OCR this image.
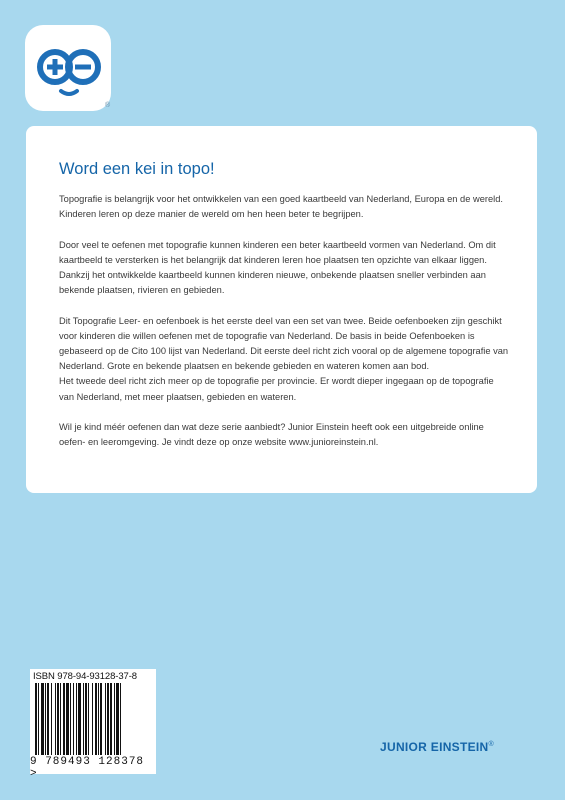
®
Word een kei in topo!

Topografie is belangrijk voor het ontwikkelen van een goed kaartbeeld van Nederland, Europa en de wereld. Kinderen leren op deze manier de wereld om hen heen beter te begrijpen.

Door veel te oefenen met topografie kunnen kinderen een beter kaartbeeld vormen van Nederland. Om dit kaartbeeld te versterken is het belangrijk dat kinderen leren hoe plaatsen ten opzichte van elkaar liggen. Dankzij het ontwikkelde kaartbeeld kunnen kinderen nieuwe, onbekende plaatsen sneller verbinden aan bekende plaatsen, rivieren en gebieden.

Dit Topografie Leer- en oefenboek is het eerste deel van een set van twee. Beide oefenboeken zijn geschikt voor kinderen die willen oefenen met de topografie van Nederland. De basis in beide Oefenboeken is gebaseerd op de Cito 100 lijst van Nederland. Dit eerste deel richt zich vooral op de algemene topografie van Nederland. Grote en bekende plaatsen en bekende gebieden en wateren komen aan bod.

Het tweede deel richt zich meer op de topografie per provincie. Er wordt dieper ingegaan op de topografie van Nederland, met meer plaatsen, gebieden en wateren.

Wil je kind méér oefenen dan wat deze serie aanbiedt? Junior Einstein heeft ook een uitgebreide online oefen- en leeromgeving. Je vindt deze op onze website www.junioreinstein.nl.

ISBN 978-94-93128-37-8
9 789493 128378 >
JUNIOR EINSTEIN®
